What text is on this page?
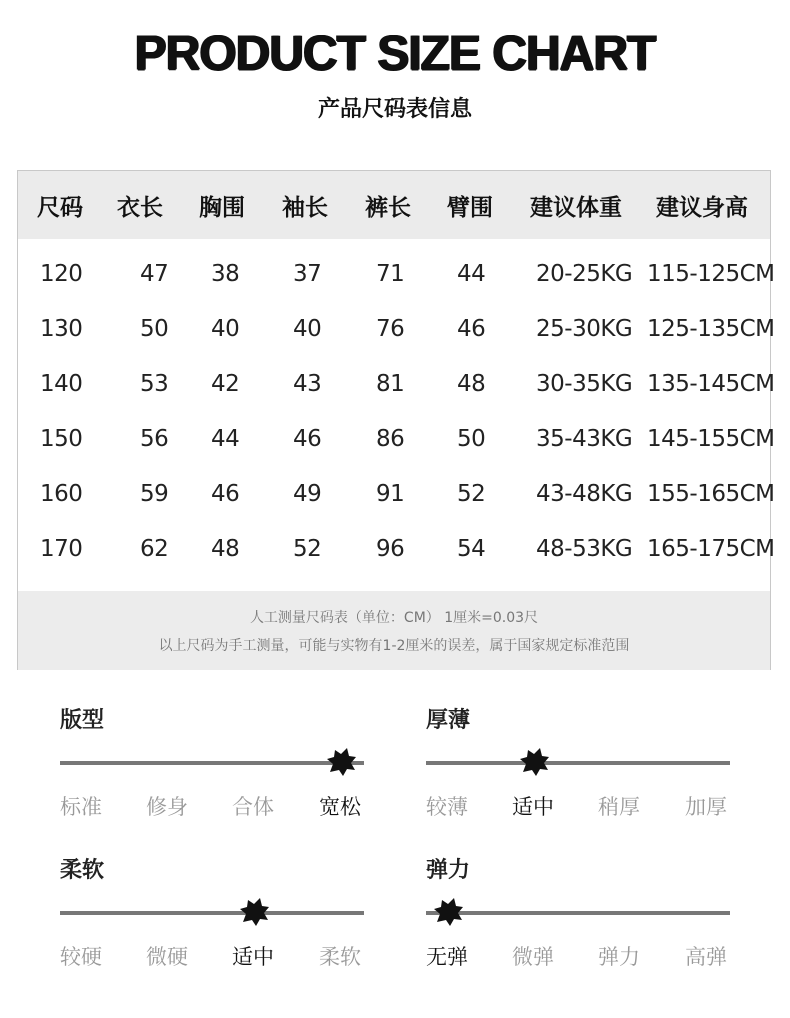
PRODUCT SIZE CHART
产品尺码表信息
尺码 衣长 胸围 袖长 裤长 臂围 建议体重 建议身高
120	47 38 37 71 44 20-25KG 115-125CM
130	50 40 40 76 46 25-30KG 125-135CM
140	53 42 43 81 48 30-35KG 135-145CM
150	56 44 46 86 50 35-43KG 145-155CM
160	59 46 49 91 52 43-48KG 155-165CM
170	62 48 52 96 54 48-53KG 165-175CM
人工测量尺码表（单位：CM） 1厘米=0.03尺
以上尺码为手工测量，可能与实物有1-2厘米的误差，属于国家规定标准范围
版型
标准 修身 合体 宽松
厚薄
较薄 适中 稍厚 加厚
柔软
较硬 微硬 适中 柔软
弹力
无弹 微弹 弹力 高弹
